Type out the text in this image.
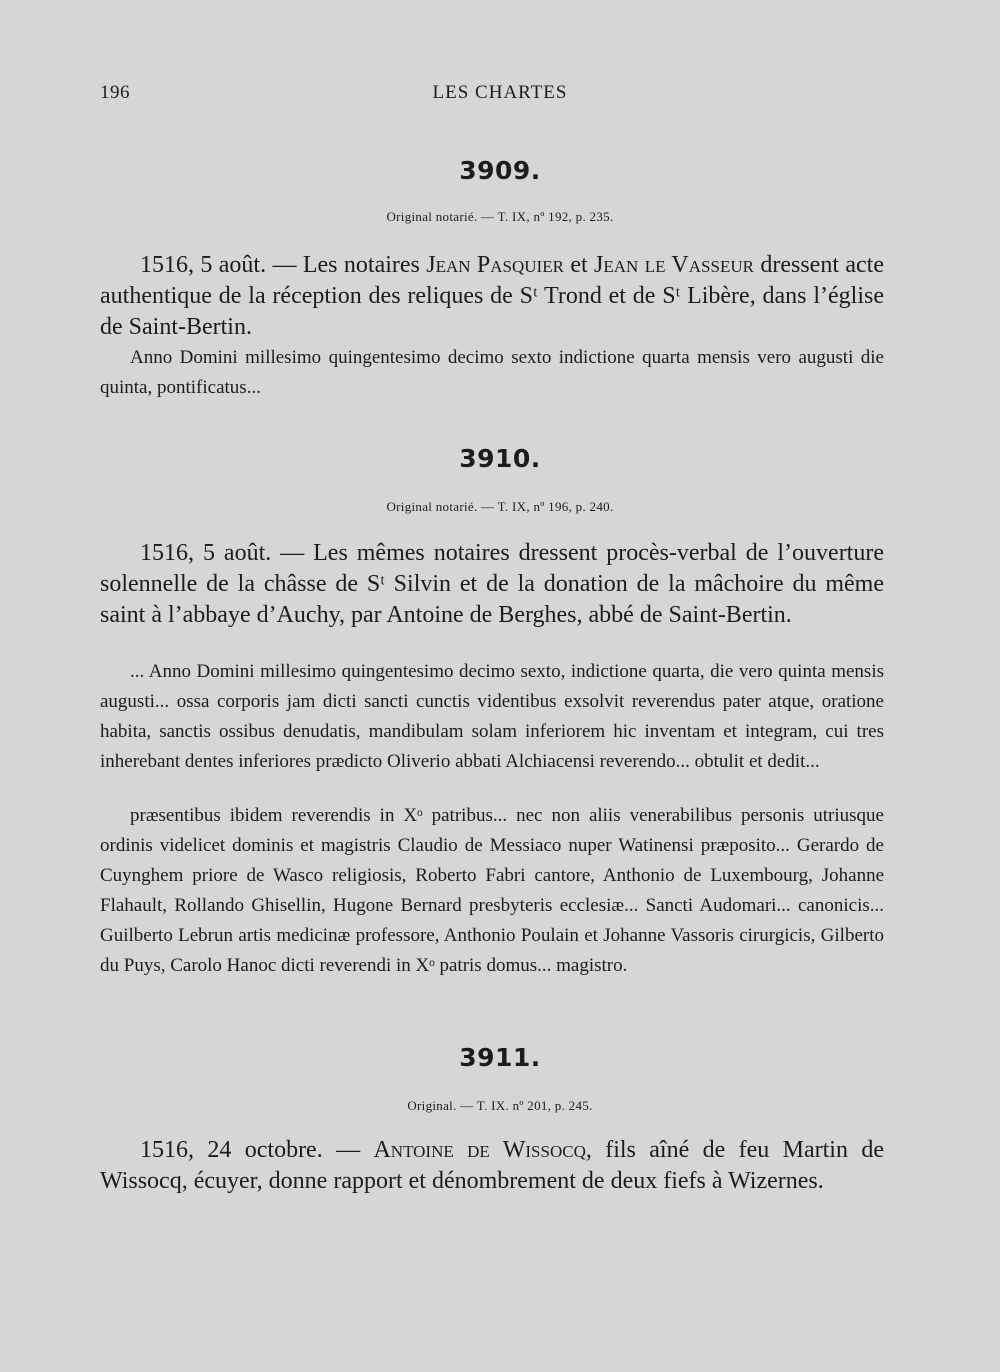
196	LES CHARTES
3909.
Original notarié. — T. IX, nº 192, p. 235.

1516, 5 août. — Les notaires Jean Pasquier et Jean le Vasseur dressent acte authentique de la réception des reliques de Sᵗ Trond et de Sᵗ Libère, dans l’église de Saint-Bertin.

Anno Domini millesimo quingentesimo decimo sexto indictione quarta mensis vero augusti die quinta, pontificatus...

3910.
Original notarié. — T. IX, nº 196, p. 240.

1516, 5 août. — Les mêmes notaires dressent procès-verbal de l’ouverture solennelle de la châsse de Sᵗ Silvin et de la donation de la mâchoire du même saint à l’abbaye d’Auchy, par Antoine de Berghes, abbé de Saint-Bertin.

... Anno Domini millesimo quingentesimo decimo sexto, indictione quarta, die vero quinta mensis augusti... ossa corporis jam dicti sancti cunctis videntibus exsolvit reverendus pater atque, oratione habita, sanctis ossibus denudatis, mandibulam solam inferiorem hic inventam et integram, cui tres inherebant dentes inferiores prædicto Oliverio abbati Alchiacensi reverendo... obtulit et dedit...

præsentibus ibidem reverendis in Xᵒ patribus... nec non aliis venerabilibus personis utriusque ordinis videlicet dominis et magistris Claudio de Messiaco nuper Watinensi præposito... Gerardo de Cuynghem priore de Wasco religiosis, Roberto Fabri cantore, Anthonio de Luxembourg, Johanne Flahault, Rollando Ghisellin, Hugone Bernard presbyteris ecclesiæ... Sancti Audomari... canonicis... Guilberto Lebrun artis medicinæ professore, Anthonio Poulain et Johanne Vassoris cirurgicis, Gilberto du Puys, Carolo Hanoc dicti reverendi in Xᵒ patris domus... magistro.

3911.
Original. — T. IX. nº 201, p. 245.

1516, 24 octobre. — Antoine de Wissocq, fils aîné de feu Martin de Wissocq, écuyer, donne rapport et dénombrement de deux fiefs à Wizernes.
